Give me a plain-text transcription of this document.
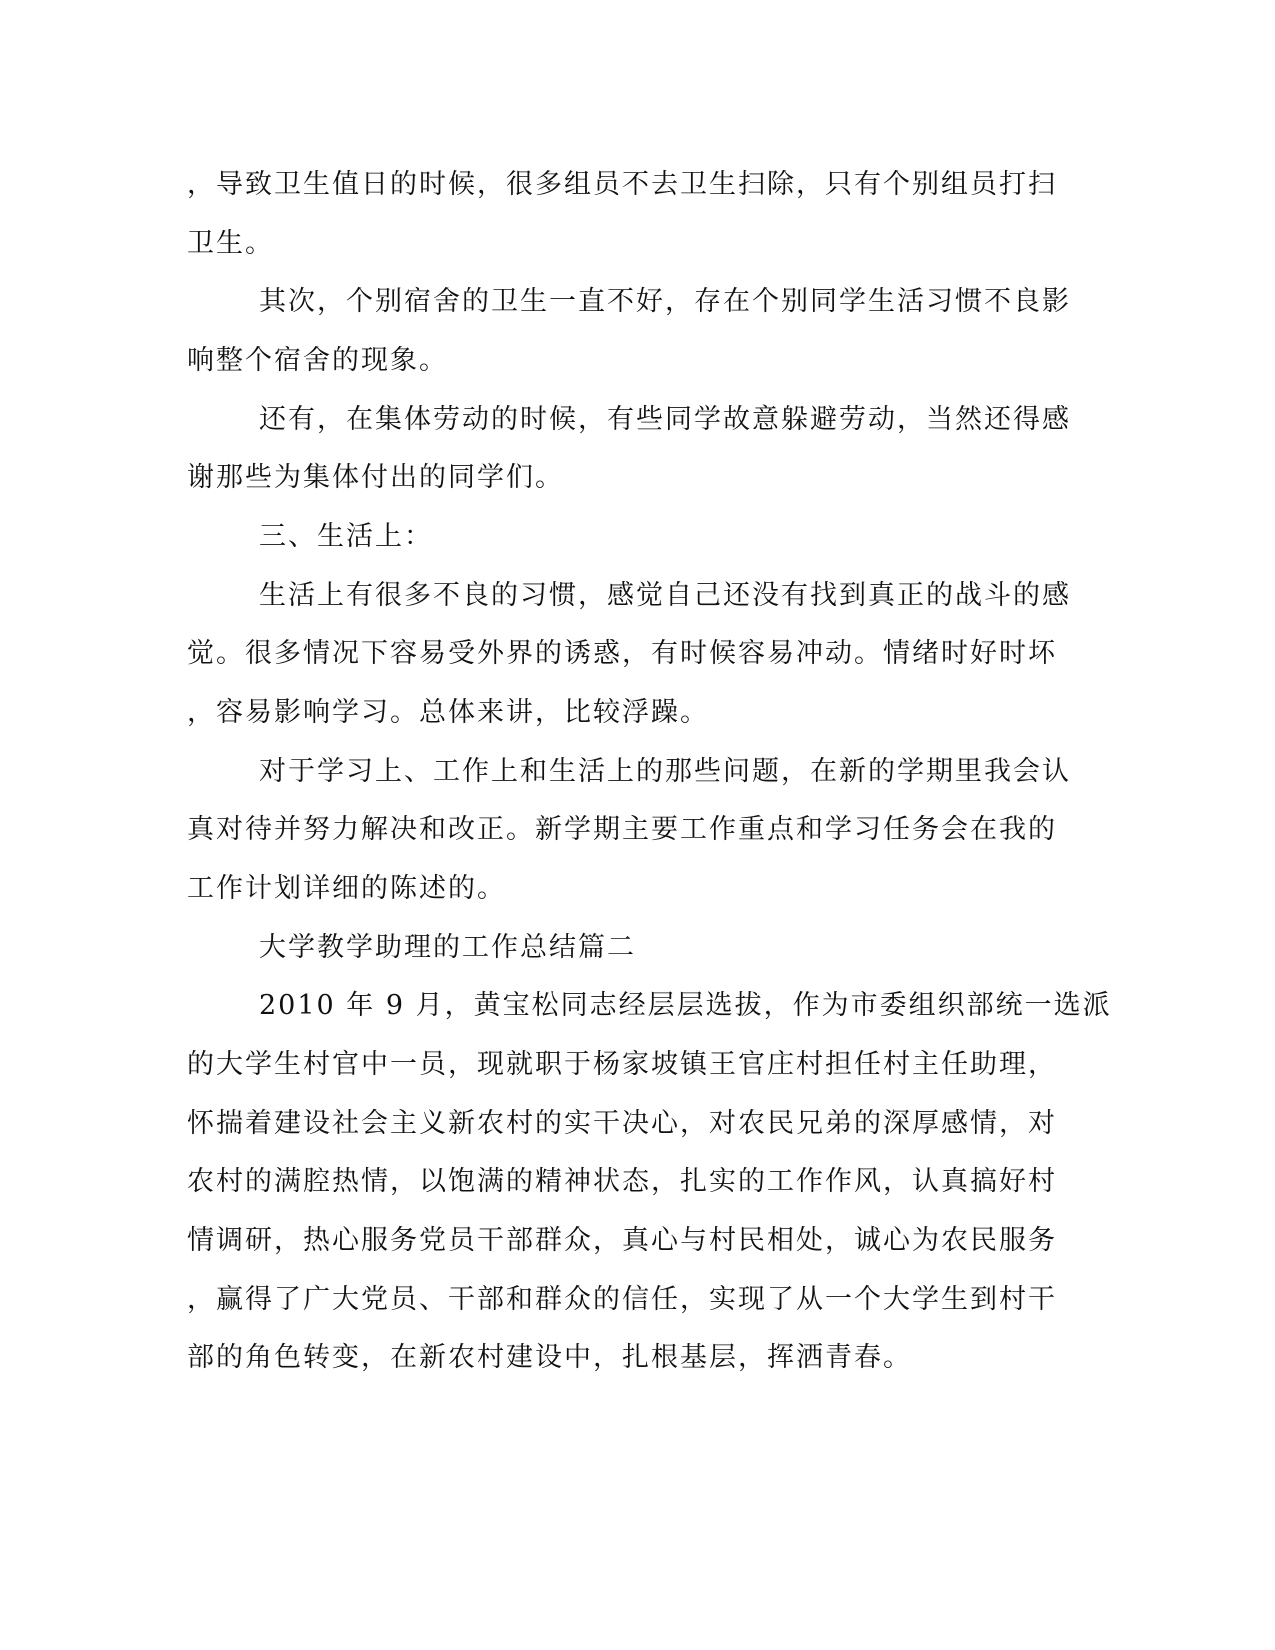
，导致卫生值日的时候，很多组员不去卫生扫除，只有个别组员打扫
卫生。
其次，个别宿舍的卫生一直不好，存在个别同学生活习惯不良影
响整个宿舍的现象。
还有，在集体劳动的时候，有些同学故意躲避劳动，当然还得感
谢那些为集体付出的同学们。
三、生活上：
生活上有很多不良的习惯，感觉自己还没有找到真正的战斗的感
觉。很多情况下容易受外界的诱惑，有时候容易冲动。情绪时好时坏
，容易影响学习。总体来讲，比较浮躁。
对于学习上、工作上和生活上的那些问题，在新的学期里我会认
真对待并努力解决和改正。新学期主要工作重点和学习任务会在我的
工作计划详细的陈述的。
大学教学助理的工作总结篇二
2010 年 9 月，黄宝松同志经层层选拔，作为市委组织部统一选派
的大学生村官中一员，现就职于杨家坡镇王官庄村担任村主任助理，
怀揣着建设社会主义新农村的实干决心，对农民兄弟的深厚感情，对
农村的满腔热情，以饱满的精神状态，扎实的工作作风，认真搞好村
情调研，热心服务党员干部群众，真心与村民相处，诚心为农民服务
，赢得了广大党员、干部和群众的信任，实现了从一个大学生到村干
部的角色转变，在新农村建设中，扎根基层，挥洒青春。
